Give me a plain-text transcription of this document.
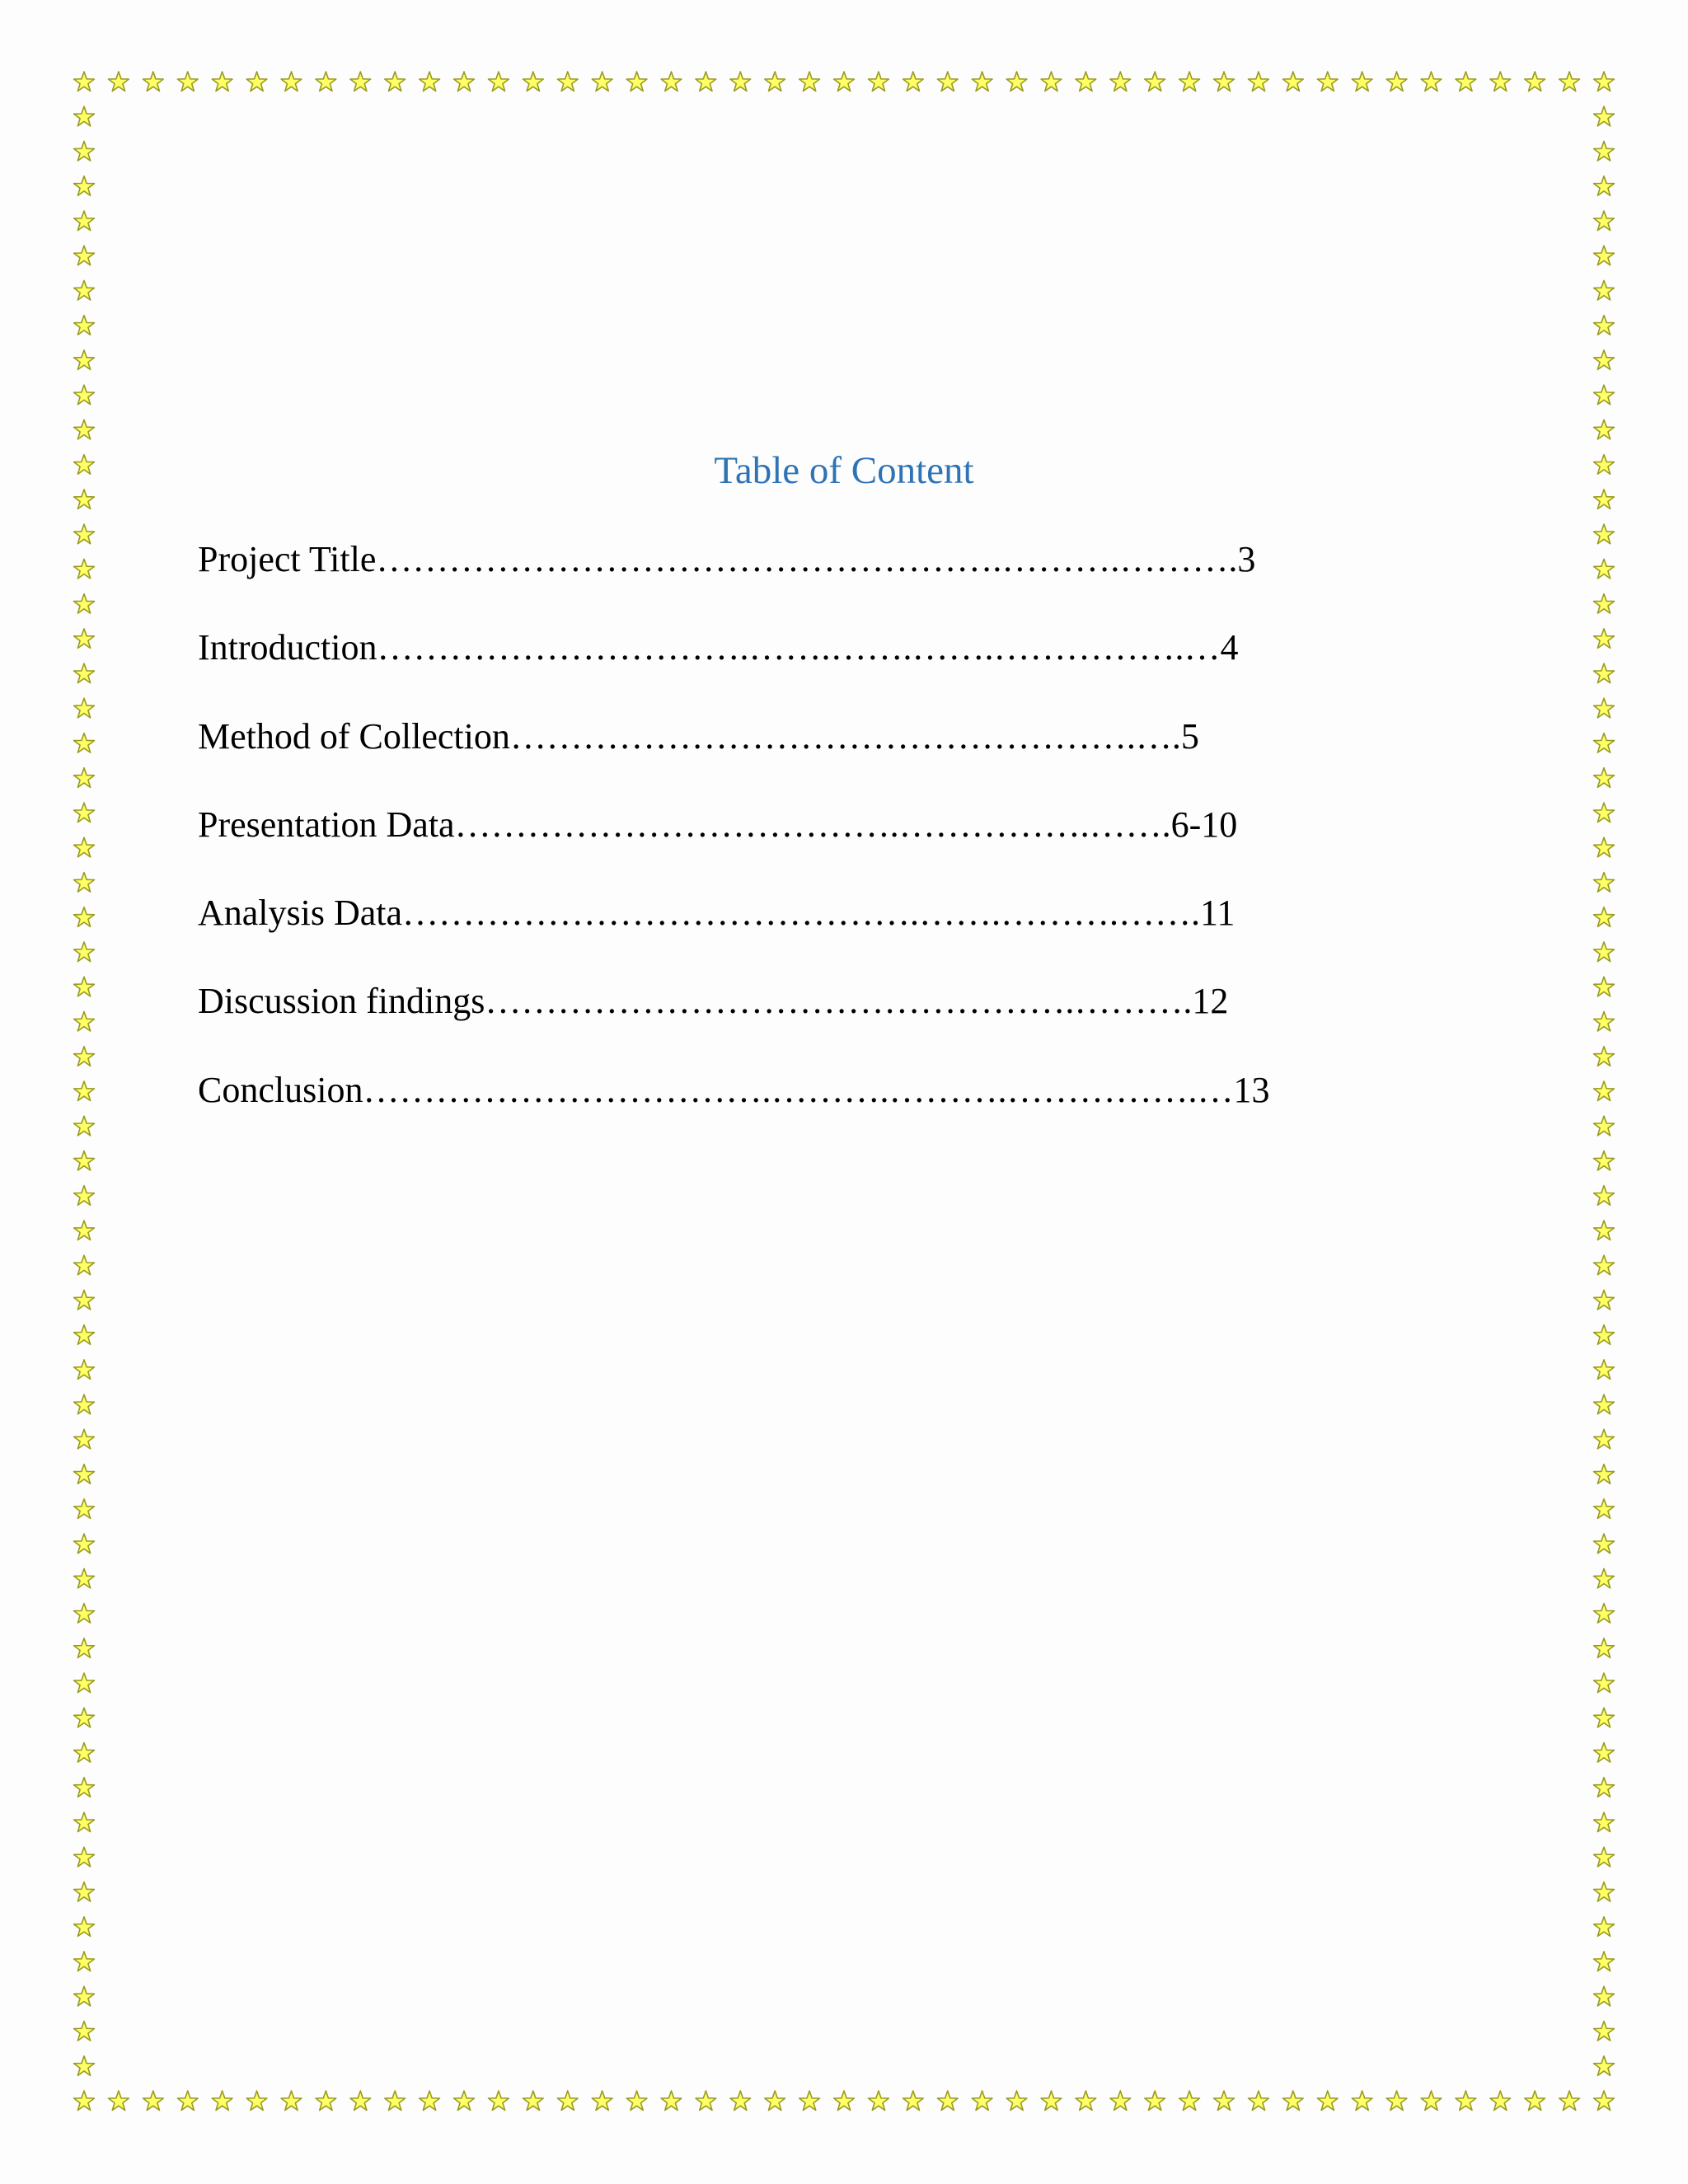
Table of Content
Project Title…………………………………………….……….……….3
Introduction………………………….…….…….…….…………….…4
Method of Collection…………………………………………….….5
Presentation Data……………………………….…………….…….6-10
Analysis Data…………………………………….…….……….…….11
Discussion findings………………………………………….……….12
Conclusion…………………………….……….……….…………….…13
